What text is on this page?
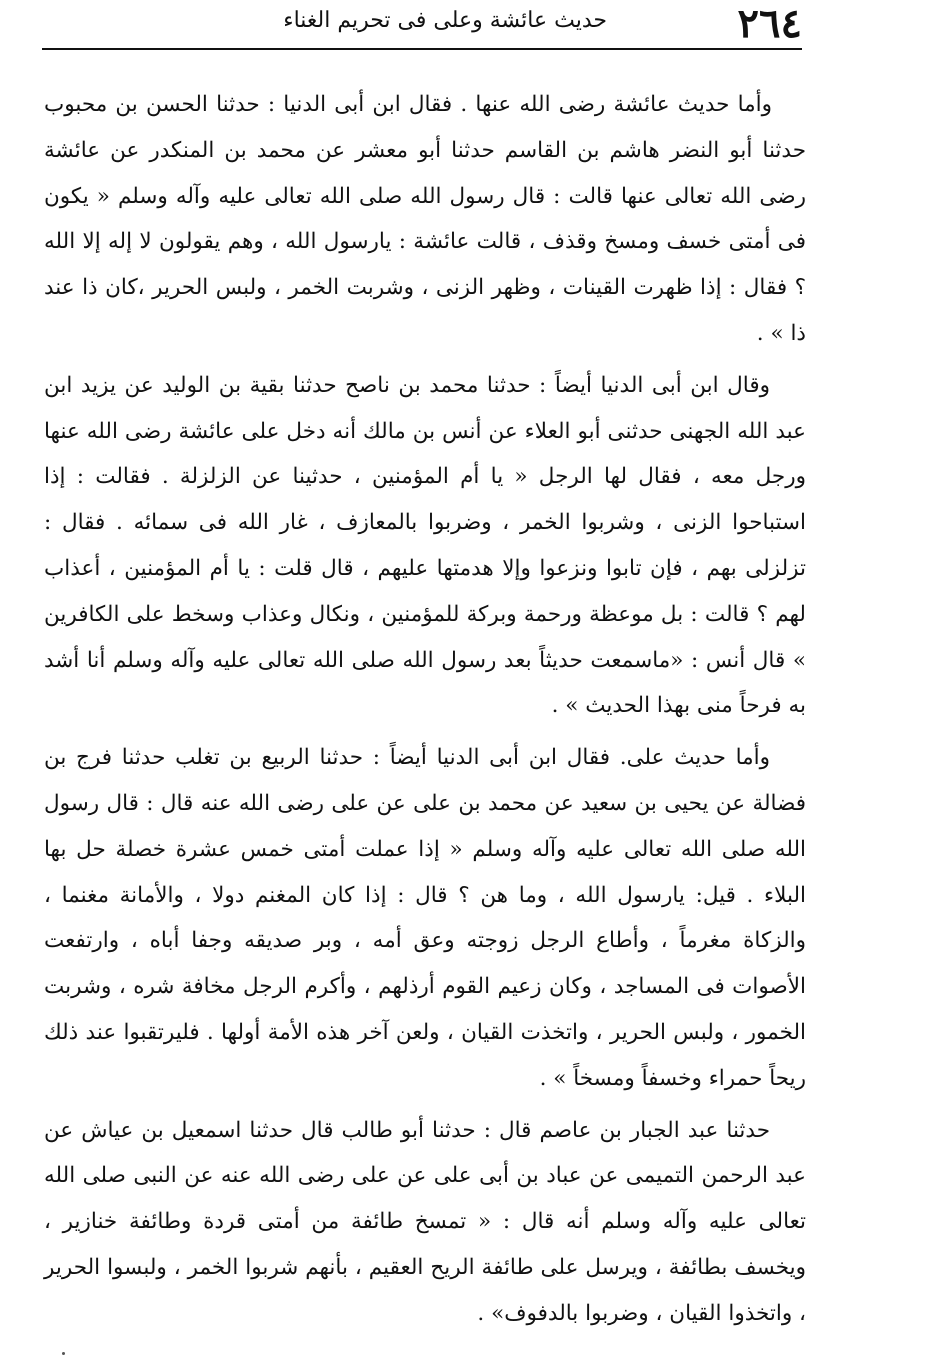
٢٦٤
حديث عائشة وعلى فى تحريم الغناء

وأما حديث عائشة رضى الله عنها . فقال ابن أبى الدنيا : حدثنا الحسن بن محبوب حدثنا أبو النضر هاشم بن القاسم حدثنا أبو معشر عن محمد بن المنكدر عن عائشة رضى الله تعالى عنها قالت : قال رسول الله صلى الله تعالى عليه وآله وسلم « يكون فى أمتى خسف ومسخ وقذف ، قالت عائشة : يارسول الله ، وهم يقولون لا إله إلا الله ؟ فقال : إذا ظهرت القينات ، وظهر الزنى ، وشربت الخمر ، ولبس الحرير ،كان ذا عند ذا » .

وقال ابن أبى الدنيا أيضاً : حدثنا محمد بن ناصح حدثنا بقية بن الوليد عن يزيد ابن عبد الله الجهنى حدثنى أبو العلاء عن أنس بن مالك أنه دخل على عائشة رضى الله عنها ورجل معه ، فقال لها الرجل « يا أم المؤمنين ، حدثينا عن الزلزلة . فقالت : إذا استباحوا الزنى ، وشربوا الخمر ، وضربوا بالمعازف ، غار الله فى سمائه . فقال : تزلزلى بهم ، فإن تابوا ونزعوا وإلا هدمتها عليهم ، قال قلت : يا أم المؤمنين ، أعذاب لهم ؟ قالت : بل موعظة ورحمة وبركة للمؤمنين ، ونكال وعذاب وسخط على الكافرين » قال أنس : «ماسمعت حديثاً بعد رسول الله صلى الله تعالى عليه وآله وسلم أنا أشد به فرحاً منى بهذا الحديث » .

وأما حديث على. فقال ابن أبى الدنيا أيضاً : حدثنا الربيع بن تغلب حدثنا فرج بن فضالة عن يحيى بن سعيد عن محمد بن على عن على رضى الله عنه قال : قال رسول الله صلى الله تعالى عليه وآله وسلم « إذا عملت أمتى خمس عشرة خصلة حل بها البلاء . قيل: يارسول الله ، وما هن ؟ قال : إذا كان المغنم دولا ، والأمانة مغنما ، والزكاة مغرماً ، وأطاع الرجل زوجته وعق أمه ، وبر صديقه وجفا أباه ، وارتفعت الأصوات فى المساجد ، وكان زعيم القوم أرذلهم ، وأكرم الرجل مخافة شره ، وشربت الخمور ، ولبس الحرير ، واتخذت القيان ، ولعن آخر هذه الأمة أولها . فليرتقبوا عند ذلك ريحاً حمراء وخسفاً ومسخاً » .

حدثنا عبد الجبار بن عاصم قال : حدثنا أبو طالب قال حدثنا اسمعيل بن عياش عن عبد الرحمن التميمى عن عباد بن أبى على عن على رضى الله عنه عن النبى صلى الله تعالى عليه وآله وسلم أنه قال : « تمسخ طائفة من أمتى قردة وطائفة خنازير ، ويخسف بطائفة ، ويرسل على طائفة الريح العقيم ، بأنهم شربوا الخمر ، ولبسوا الحرير ، واتخذوا القيان ، وضربوا بالدفوف» .
